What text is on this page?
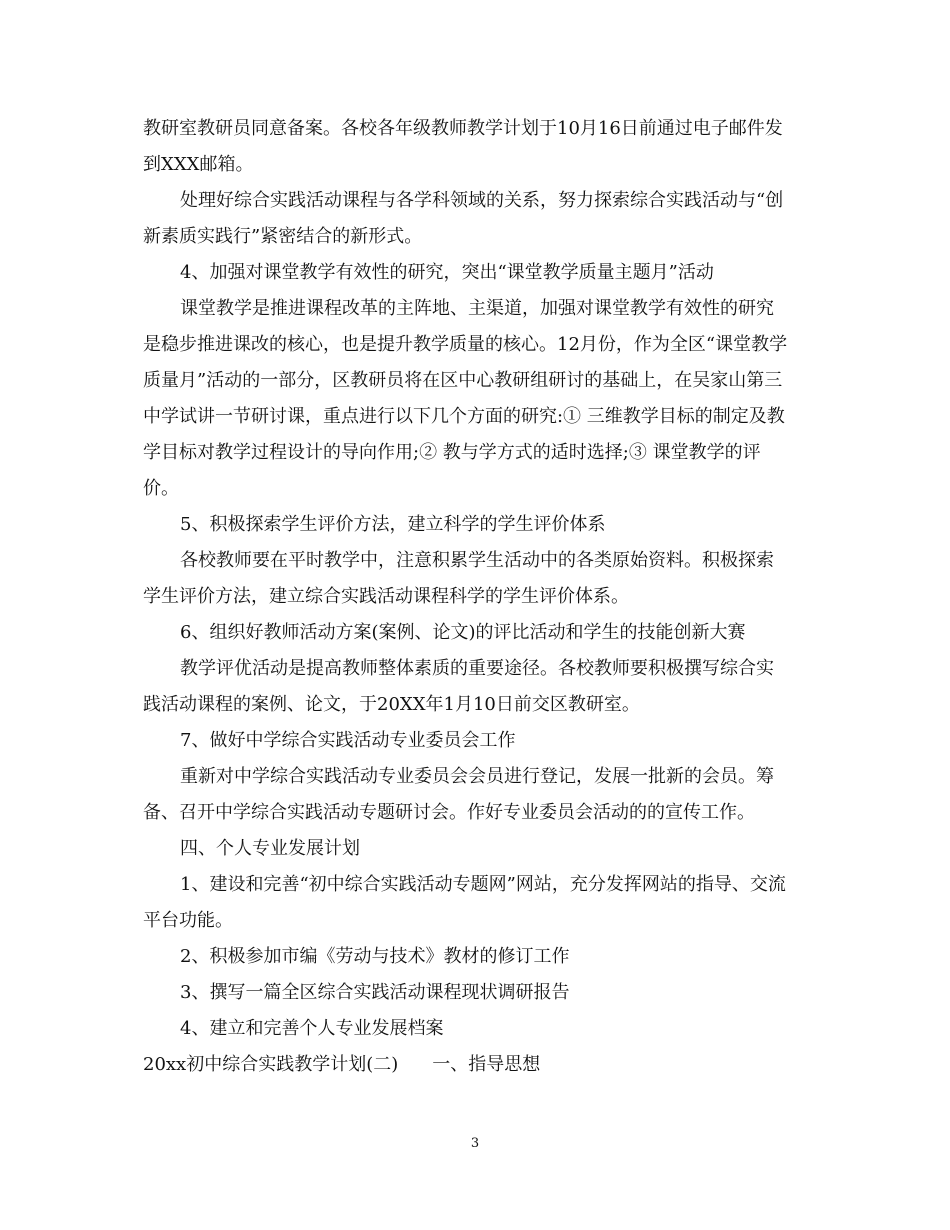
教研室教研员同意备案。各校各年级教师教学计划于10月16日前通过电子邮件发
到XXX邮箱。
处理好综合实践活动课程与各学科领域的关系，努力探索综合实践活动与“创
新素质实践行”紧密结合的新形式。
4、加强对课堂教学有效性的研究，突出“课堂教学质量主题月”活动
课堂教学是推进课程改革的主阵地、主渠道，加强对课堂教学有效性的研究
是稳步推进课改的核心，也是提升教学质量的核心。12月份，作为全区“课堂教学
质量月”活动的一部分，区教研员将在区中心教研组研讨的基础上，在吴家山第三
中学试讲一节研讨课，重点进行以下几个方面的研究:① 三维教学目标的制定及教
学目标对教学过程设计的导向作用;② 教与学方式的适时选择;③ 课堂教学的评
价。
5、积极探索学生评价方法，建立科学的学生评价体系
各校教师要在平时教学中，注意积累学生活动中的各类原始资料。积极探索
学生评价方法，建立综合实践活动课程科学的学生评价体系。
6、组织好教师活动方案(案例、论文)的评比活动和学生的技能创新大赛
教学评优活动是提高教师整体素质的重要途径。各校教师要积极撰写综合实
践活动课程的案例、论文，于20XX年1月10日前交区教研室。
7、做好中学综合实践活动专业委员会工作
重新对中学综合实践活动专业委员会会员进行登记，发展一批新的会员。筹
备、召开中学综合实践活动专题研讨会。作好专业委员会活动的的宣传工作。
四、个人专业发展计划
1、建设和完善“初中综合实践活动专题网”网站，充分发挥网站的指导、交流
平台功能。
2、积极参加市编《劳动与技术》教材的修订工作
3、撰写一篇全区综合实践活动课程现状调研报告
4、建立和完善个人专业发展档案
20xx初中综合实践教学计划(二) 一、指导思想
3
